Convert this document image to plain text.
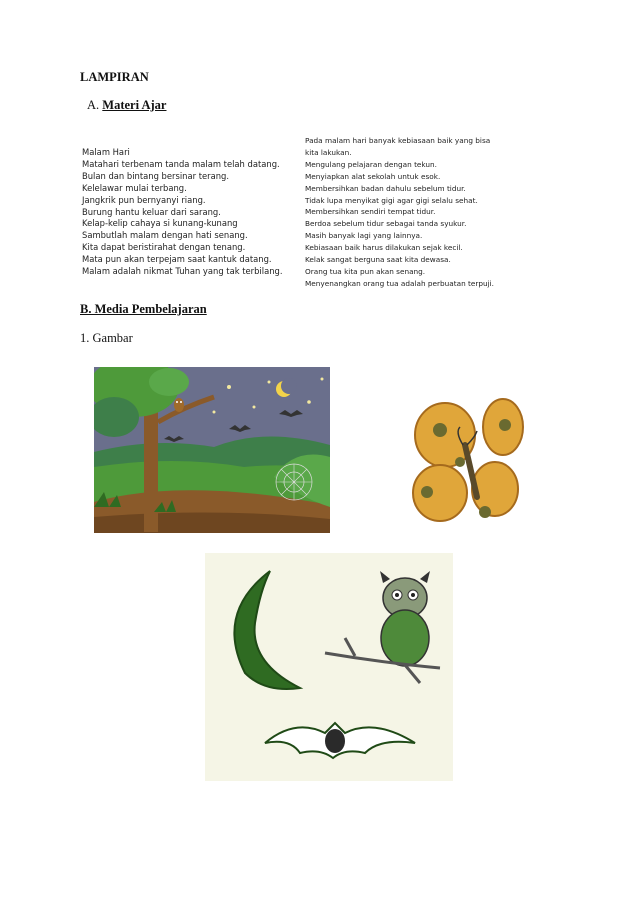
LAMPIRAN
A. Materi Ajar
Malam Hari
Matahari terbenam tanda malam telah datang.
Bulan dan bintang bersinar terang.
Kelelawar mulai terbang.
Jangkrik pun bernyanyi riang.
Burung hantu keluar dari sarang.
Kelap-kelip cahaya si kunang-kunang
Sambutlah malam dengan hati senang.
Kita dapat beristirahat dengan tenang.
Mata pun akan terpejam saat kantuk datang.
Malam adalah nikmat Tuhan yang tak terbilang.
Pada malam hari banyak kebiasaan baik yang bisa kita lakukan.
Mengulang pelajaran dengan tekun.
Menyiapkan alat sekolah untuk esok.
Membersihkan badan dahulu sebelum tidur.
Tidak lupa menyikat gigi agar gigi selalu sehat.
Membersihkan sendiri tempat tidur.
Berdoa sebelum tidur sebagai tanda syukur.
Masih banyak lagi yang lainnya.
Kebiasaan baik harus dilakukan sejak kecil.
Kelak sangat berguna saat kita dewasa.
Orang tua kita pun akan senang.
Menyenangkan orang tua adalah perbuatan terpuji.
B. Media Pembelajaran
1. Gambar
